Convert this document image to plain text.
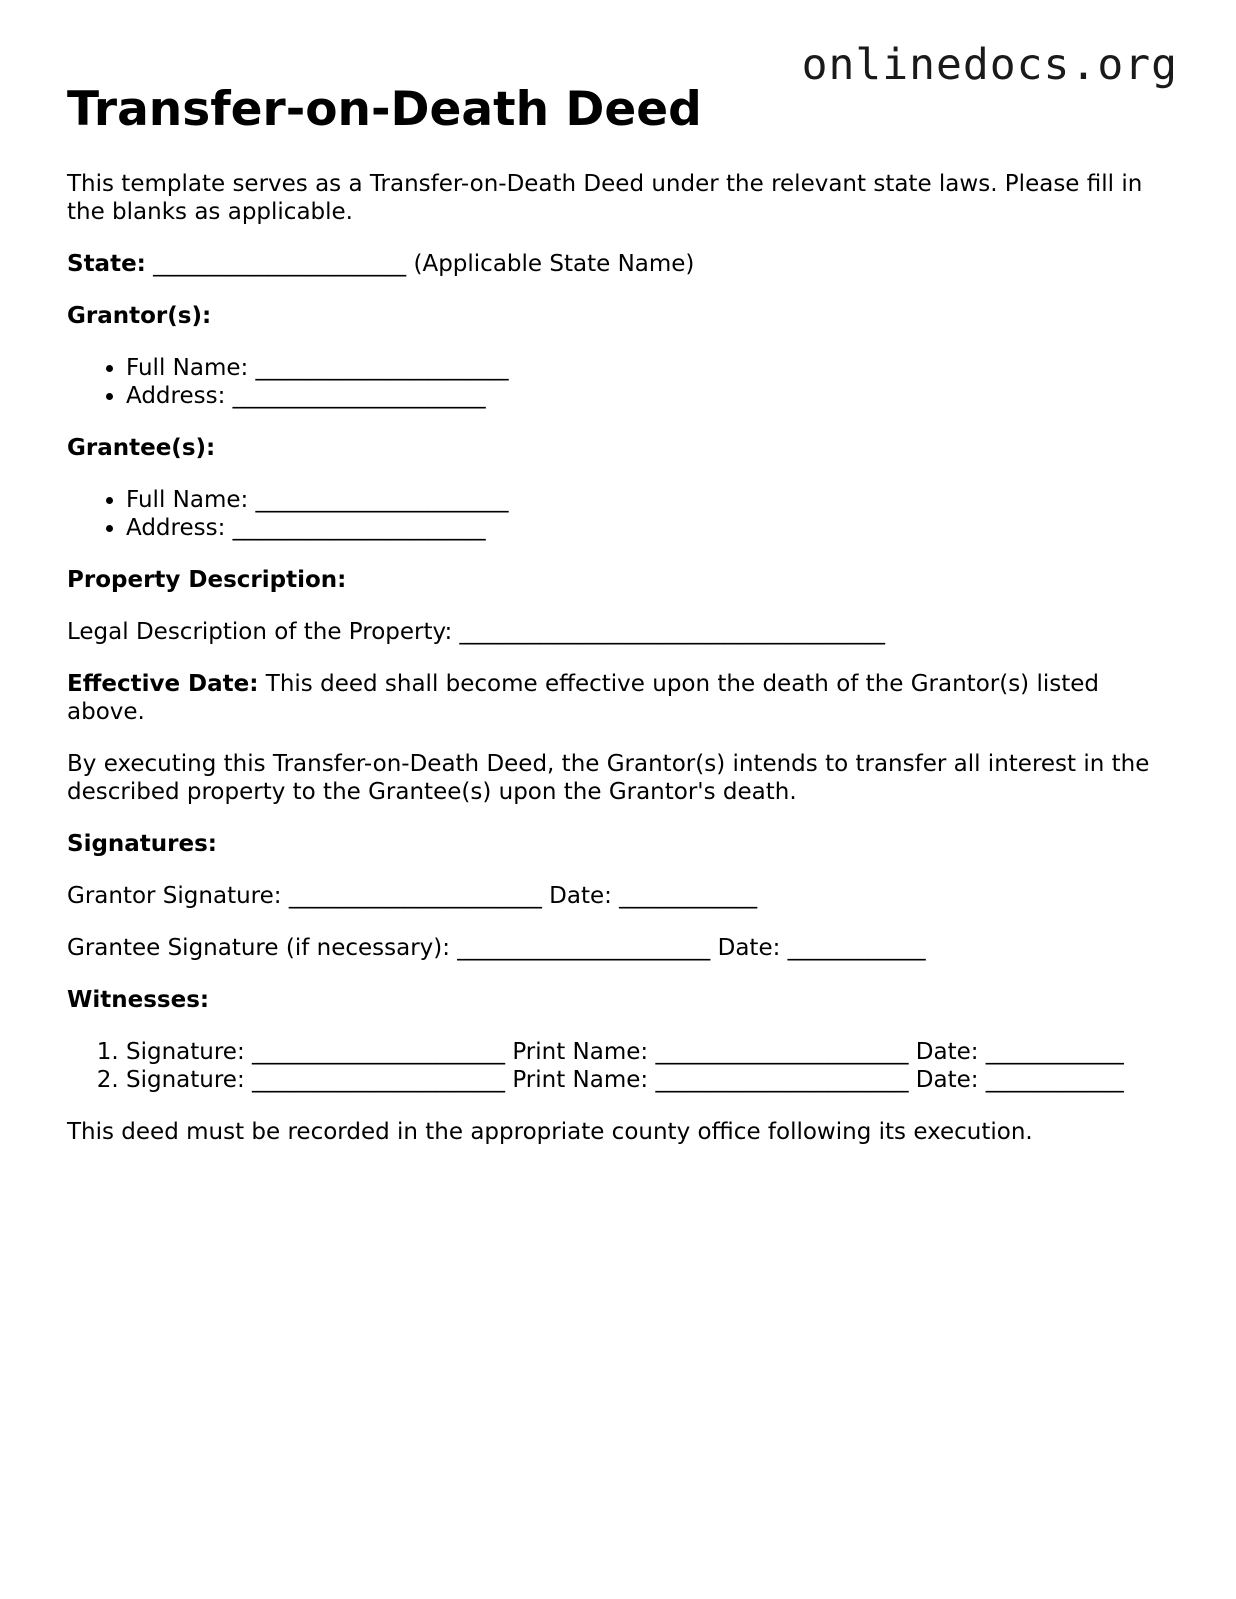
onlinedocs.org
Transfer-on-Death Deed

This template serves as a Transfer-on-Death Deed under the relevant state laws. Please fill in the blanks as applicable.

State: ______________________ (Applicable State Name)

Grantor(s):

• Full Name: ______________________
• Address: ______________________

Grantee(s):

• Full Name: ______________________
• Address: ______________________

Property Description:

Legal Description of the Property: _____________________________________

Effective Date: This deed shall become effective upon the death of the Grantor(s) listed above.

By executing this Transfer-on-Death Deed, the Grantor(s) intends to transfer all interest in the described property to the Grantee(s) upon the Grantor's death.

Signatures:

Grantor Signature: ______________________ Date: ____________

Grantee Signature (if necessary): ______________________ Date: ____________

Witnesses:

1. Signature: ______________________ Print Name: ______________________ Date: ____________
2. Signature: ______________________ Print Name: ______________________ Date: ____________

This deed must be recorded in the appropriate county office following its execution.
